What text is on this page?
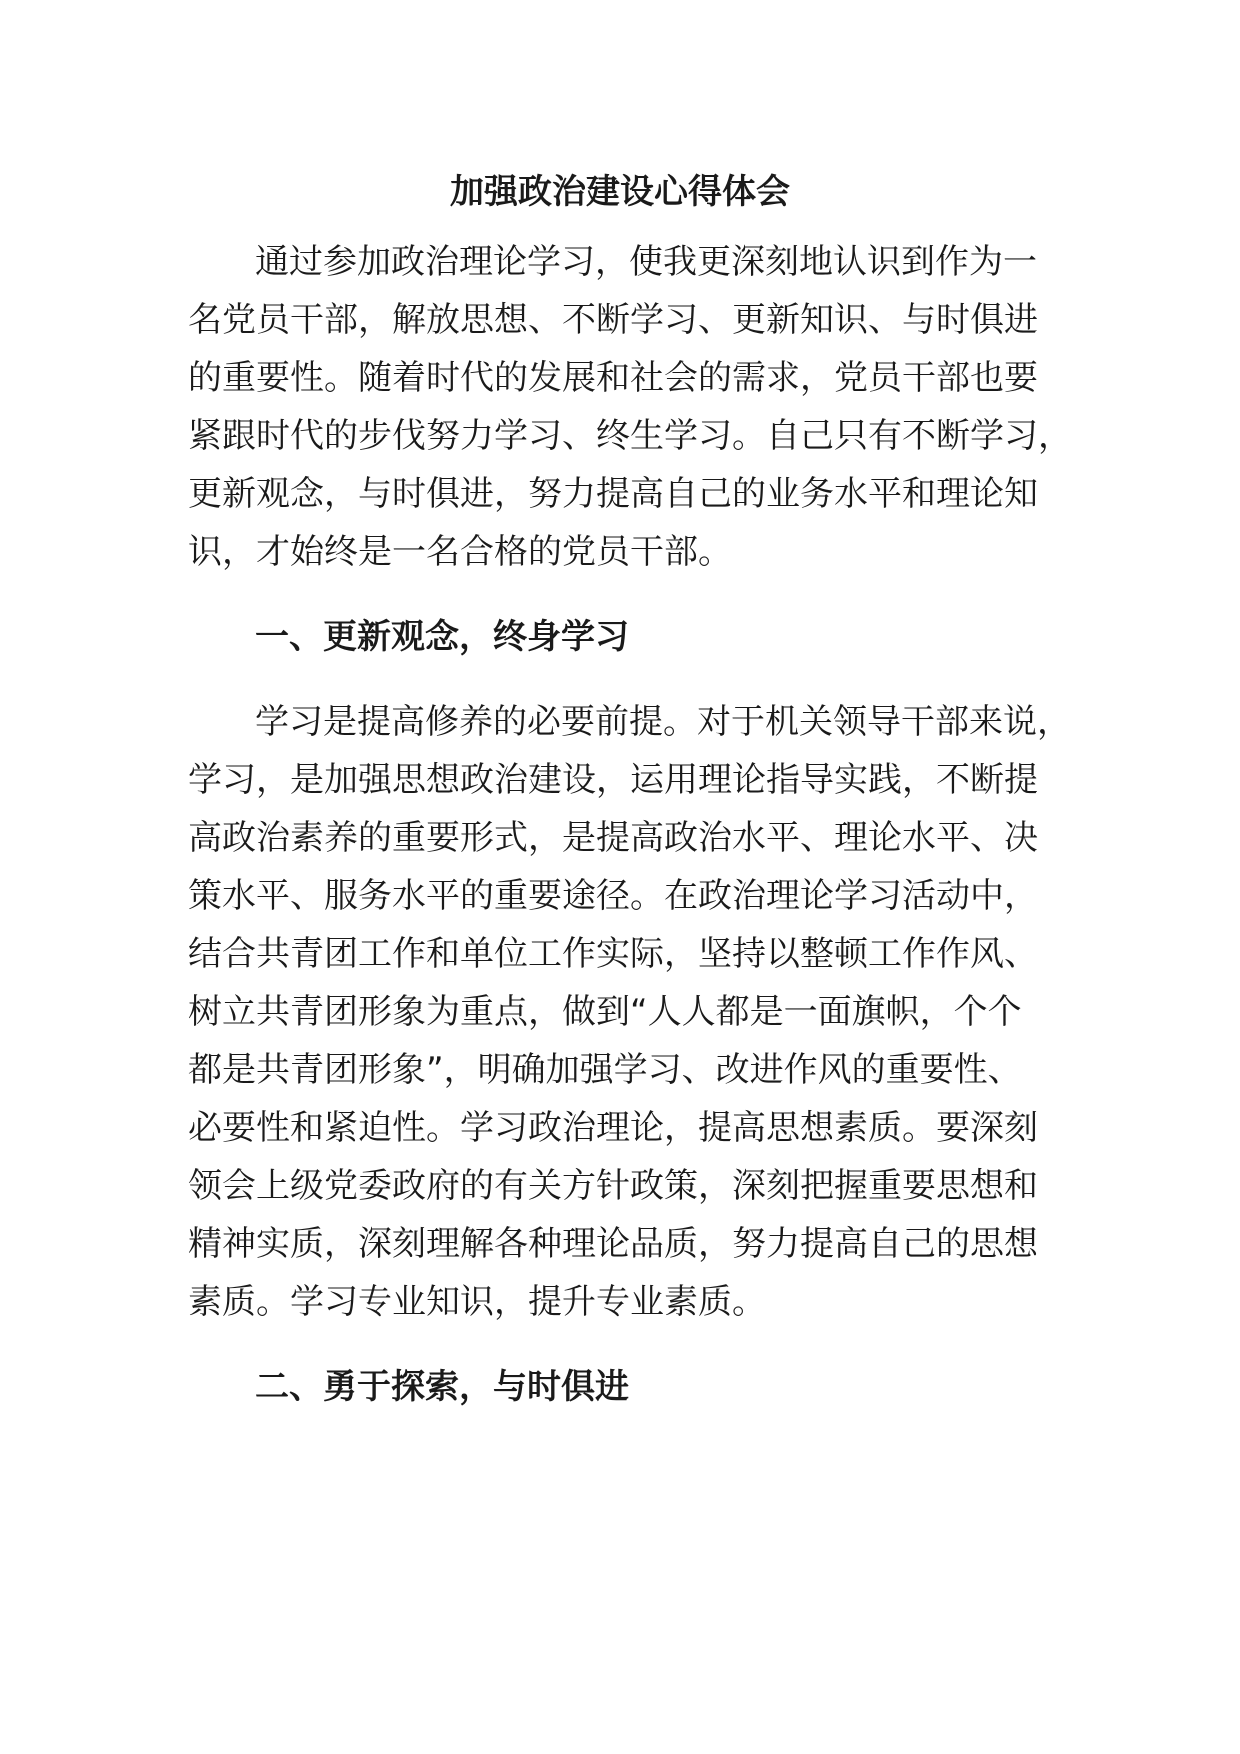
加强政治建设心得体会
通过参加政治理论学习，使我更深刻地认识到作为一
名党员干部，解放思想、不断学习、更新知识、与时俱进
的重要性。随着时代的发展和社会的需求，党员干部也要
紧跟时代的步伐努力学习、终生学习。自己只有不断学习，
更新观念，与时俱进，努力提高自己的业务水平和理论知
识，才始终是一名合格的党员干部。
一、更新观念，终身学习
学习是提高修养的必要前提。对于机关领导干部来说，
学习，是加强思想政治建设，运用理论指导实践，不断提
高政治素养的重要形式，是提高政治水平、理论水平、决
策水平、服务水平的重要途径。在政治理论学习活动中，
结合共青团工作和单位工作实际，坚持以整顿工作作风、
树立共青团形象为重点，做到“人人都是一面旗帜，个个
都是共青团形象”，明确加强学习、改进作风的重要性、
必要性和紧迫性。学习政治理论，提高思想素质。要深刻
领会上级党委政府的有关方针政策，深刻把握重要思想和
精神实质，深刻理解各种理论品质，努力提高自己的思想
素质。学习专业知识，提升专业素质。
二、勇于探索，与时俱进
